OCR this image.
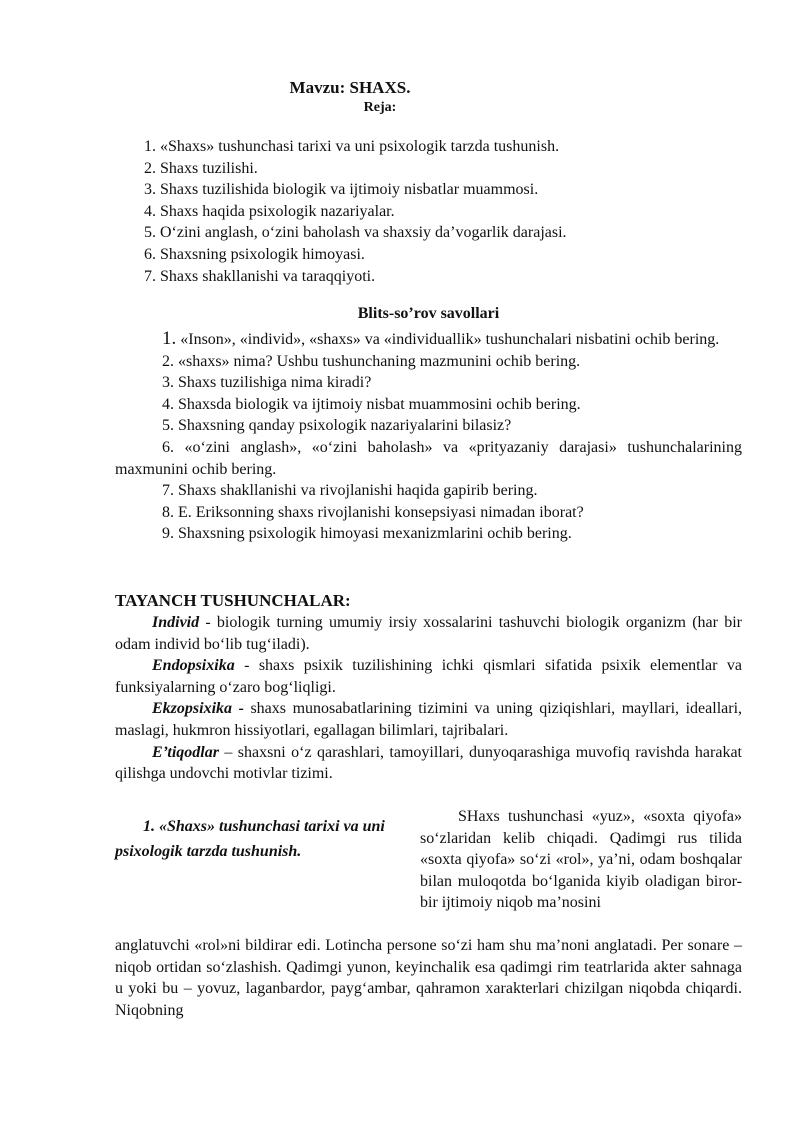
Mavzu: SHAXS.
Reja:
1. «Shaxs» tushunchasi tarixi va uni psixologik tarzda tushunish.
2. Shaxs tuzilishi.
3. Shaxs tuzilishida biologik va ijtimoiy nisbatlar muammosi.
4. Shaxs haqida psixologik nazariyalar.
5. O‘zini anglash, o‘zini baholash va shaxsiy da’vogarlik darajasi.
6. Shaxsning psixologik himoyasi.
7. Shaxs shakllanishi va taraqqiyoti.
Blits-so’rov savollari
1. «Inson», «individ», «shaxs» va «individuallik» tushunchalari nisbatini ochib bering.
2. «shaxs» nima? Ushbu tushunchaning mazmunini ochib bering.
3. Shaxs tuzilishiga nima kiradi?
4. Shaxsda biologik va ijtimoiy nisbat muammosini ochib bering.
5. Shaxsning qanday psixologik nazariyalarini bilasiz?
6. «o‘zini anglash», «o‘zini baholash» va «prityazaniy darajasi» tushunchalarining maxmunini ochib bering.
7. Shaxs shakllanishi va rivojlanishi haqida gapirib bering.
8. E. Eriksonning shaxs rivojlanishi konsepsiyasi nimadan iborat?
9. Shaxsning psixologik himoyasi mexanizmlarini ochib bering.
TAYANCH TUSHUNCHALAR:

Individ - biologik turning umumiy irsiy xossalarini tashuvchi biologik organizm (har bir odam individ bo‘lib tug‘iladi).

Endopsixika - shaxs psixik tuzilishining ichki qismlari sifatida psixik elementlar va funksiyalarning o‘zaro bog‘liqligi.

Ekzopsixika - shaxs munosabatlarining tizimini va uning qiziqishlari, mayllari, ideallari, maslagi, hukmron hissiyotlari, egallagan bilimlari, tajribalari.

E’tiqodlar – shaxsni o‘z qarashlari, tamoyillari, dunyoqarashiga muvofiq ravishda harakat qilishga undovchi motivlar tizimi.

1. «Shaxs» tushunchasi tarixi va uni psixologik tarzda tushunish.

SHaxs tushunchasi «yuz», «soxta qiyofa» so‘zlaridan kelib chiqadi. Qadimgi rus tilida «soxta qiyofa» so‘zi «rol», ya’ni, odam boshqalar bilan muloqotda bo‘lganida kiyib oladigan biror-bir ijtimoiy niqob ma’nosini

anglatuvchi «rol»ni bildirar edi. Lotincha persone so‘zi ham shu ma’noni anglatadi. Per sonare – niqob ortidan so‘zlashish. Qadimgi yunon, keyinchalik esa qadimgi rim teatrlarida akter sahnaga u yoki bu – yovuz, laganbardor, payg‘ambar, qahramon xarakterlari chizilgan niqobda chiqardi. Niqobning
